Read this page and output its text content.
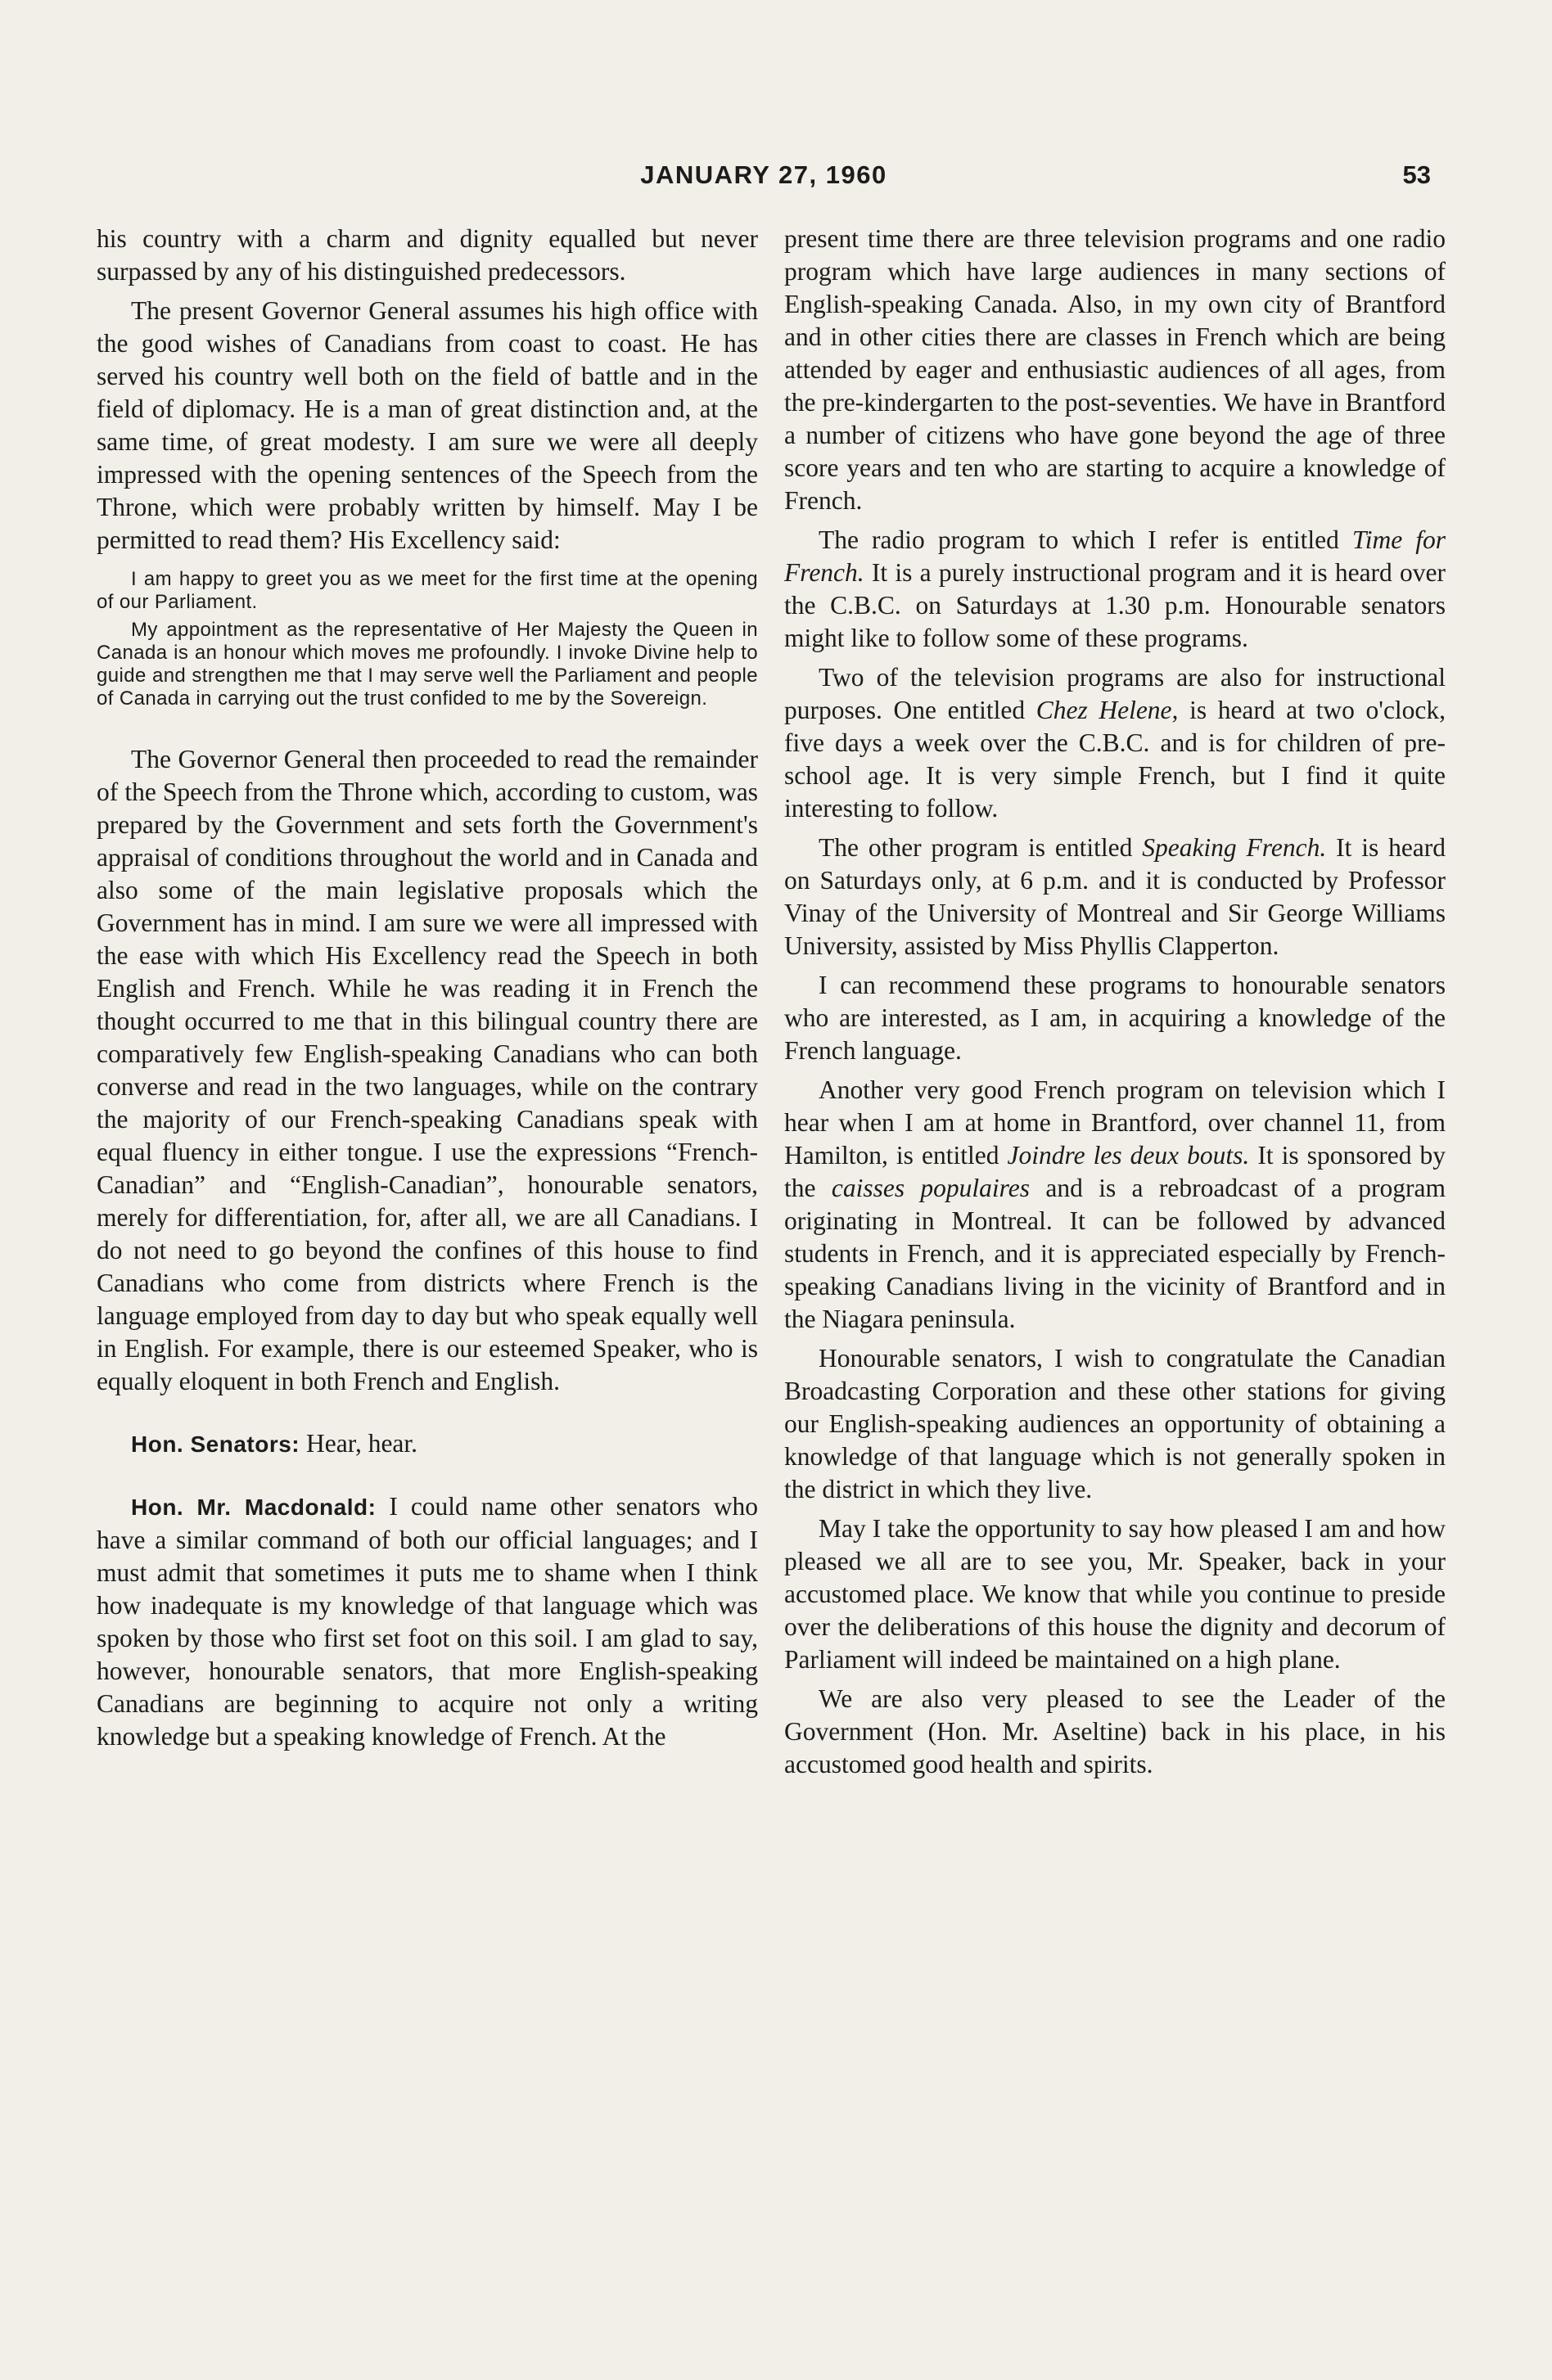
JANUARY 27, 1960	53

his country with a charm and dignity equalled but never surpassed by any of his distinguished predecessors.

The present Governor General assumes his high office with the good wishes of Canadians from coast to coast. He has served his country well both on the field of battle and in the field of diplomacy. He is a man of great distinction and, at the same time, of great modesty. I am sure we were all deeply impressed with the opening sentences of the Speech from the Throne, which were probably written by himself. May I be permitted to read them? His Excellency said:

I am happy to greet you as we meet for the first time at the opening of our Parliament.

My appointment as the representative of Her Majesty the Queen in Canada is an honour which moves me profoundly. I invoke Divine help to guide and strengthen me that I may serve well the Parliament and people of Canada in carrying out the trust confided to me by the Sovereign.

The Governor General then proceeded to read the remainder of the Speech from the Throne which, according to custom, was prepared by the Government and sets forth the Government's appraisal of conditions throughout the world and in Canada and also some of the main legislative proposals which the Government has in mind. I am sure we were all impressed with the ease with which His Excellency read the Speech in both English and French. While he was reading it in French the thought occurred to me that in this bilingual country there are comparatively few English-speaking Canadians who can both converse and read in the two languages, while on the contrary the majority of our French-speaking Canadians speak with equal fluency in either tongue. I use the expressions “French-Canadian” and “English-Canadian”, honourable senators, merely for differentiation, for, after all, we are all Canadians. I do not need to go beyond the confines of this house to find Canadians who come from districts where French is the language employed from day to day but who speak equally well in English. For example, there is our esteemed Speaker, who is equally eloquent in both French and English.

Hon. Senators: Hear, hear.

Hon. Mr. Macdonald: I could name other senators who have a similar command of both our official languages; and I must admit that sometimes it puts me to shame when I think how inadequate is my knowledge of that language which was spoken by those who first set foot on this soil. I am glad to say, however, honourable senators, that more English-speaking Canadians are beginning to acquire not only a writing knowledge but a speaking knowledge of French. At the

present time there are three television programs and one radio program which have large audiences in many sections of English-speaking Canada. Also, in my own city of Brantford and in other cities there are classes in French which are being attended by eager and enthusiastic audiences of all ages, from the pre-kindergarten to the post-seventies. We have in Brantford a number of citizens who have gone beyond the age of three score years and ten who are starting to acquire a knowledge of French.

The radio program to which I refer is entitled Time for French. It is a purely instructional program and it is heard over the C.B.C. on Saturdays at 1.30 p.m. Honourable senators might like to follow some of these programs.

Two of the television programs are also for instructional purposes. One entitled Chez Helene, is heard at two o'clock, five days a week over the C.B.C. and is for children of pre-school age. It is very simple French, but I find it quite interesting to follow.

The other program is entitled Speaking French. It is heard on Saturdays only, at 6 p.m. and it is conducted by Professor Vinay of the University of Montreal and Sir George Williams University, assisted by Miss Phyllis Clapperton.

I can recommend these programs to honourable senators who are interested, as I am, in acquiring a knowledge of the French language.

Another very good French program on television which I hear when I am at home in Brantford, over channel 11, from Hamilton, is entitled Joindre les deux bouts. It is sponsored by the caisses populaires and is a rebroadcast of a program originating in Montreal. It can be followed by advanced students in French, and it is appreciated especially by French-speaking Canadians living in the vicinity of Brantford and in the Niagara peninsula.

Honourable senators, I wish to congratulate the Canadian Broadcasting Corporation and these other stations for giving our English-speaking audiences an opportunity of obtaining a knowledge of that language which is not generally spoken in the district in which they live.

May I take the opportunity to say how pleased I am and how pleased we all are to see you, Mr. Speaker, back in your accustomed place. We know that while you continue to preside over the deliberations of this house the dignity and decorum of Parliament will indeed be maintained on a high plane.

We are also very pleased to see the Leader of the Government (Hon. Mr. Aseltine) back in his place, in his accustomed good health and spirits.
